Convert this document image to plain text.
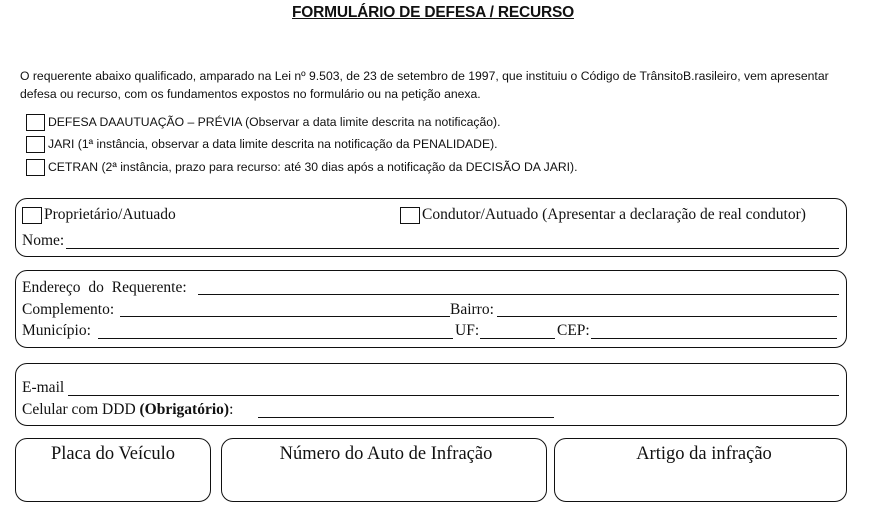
FORMULÁRIO DE DEFESA / RECURSO
O requerente abaixo qualificado, amparado na Lei nº 9.503, de 23 de setembro de 1997, que instituiu o Código de TrânsitoB.rasileiro, vem apresentar defesa ou recurso, com os fundamentos expostos no formulário ou na petição anexa.
DEFESA DAAUTUAÇÃO – PRÉVIA (Observar a data limite descrita na notificação).
JARI (1ª instância, observar a data limite descrita na notificação da PENALIDADE).
CETRAN (2ª instância, prazo para recurso: até 30 dias após a notificação da DECISÃO DA JARI).
Proprietário/Autuado	Condutor/Autuado (Apresentar a declaração de real condutor)
Nome:
Endereço do Requerente:
Complemento:	Bairro:
Município:	UF:	CEP:
E-mail
Celular com DDD (Obrigatório):
Placa do Veículo	Número do Auto de Infração	Artigo da infração
